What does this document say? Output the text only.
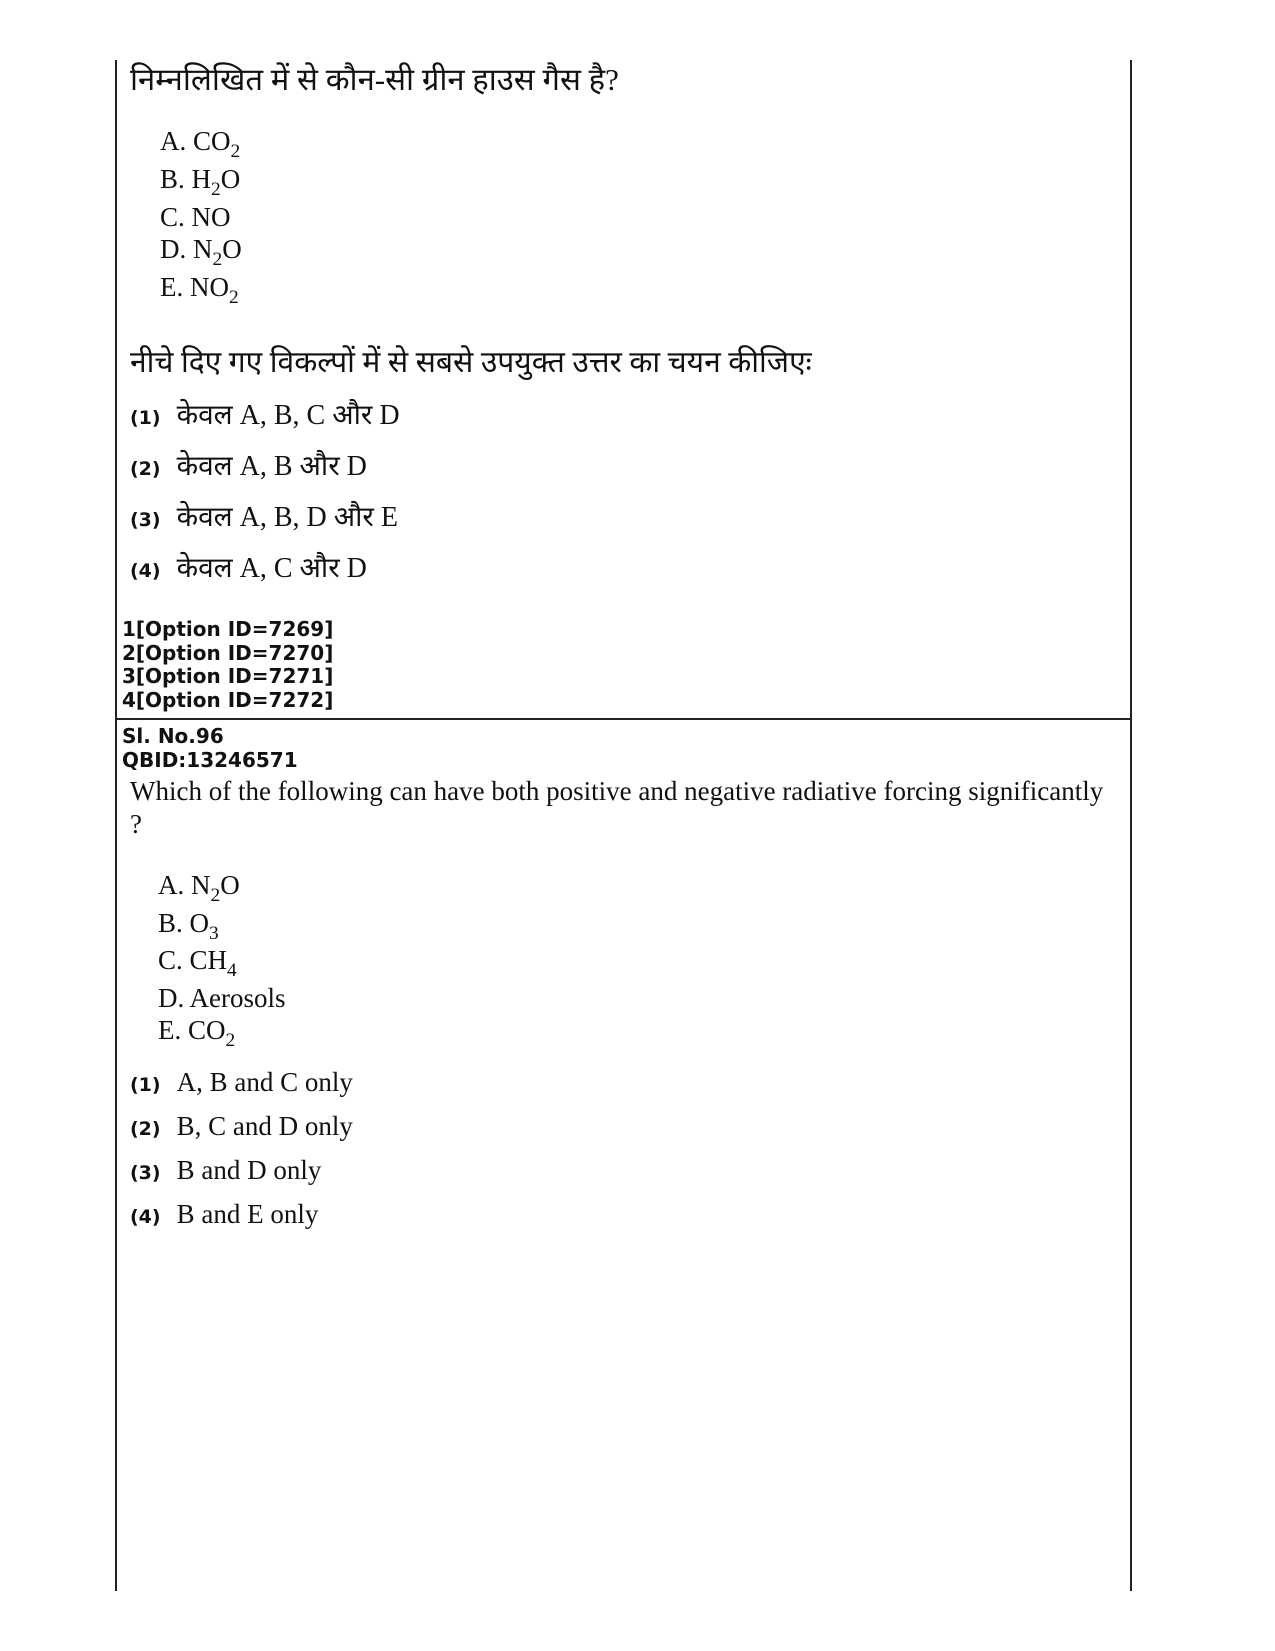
निम्नलिखित में से कौन-सी ग्रीन हाउस गैस है?
A. $CO_2$
B. $H_2O$
C. NO
D. $N_2O$
E. $NO_2$
नीचे दिए गए विकल्पों में से सबसे उपयुक्त उत्तर का चयन कीजिएः
(1) केवल A, B, C और D
(2) केवल A, B और D
(3) केवल A, B, D और E
(4) केवल A, C और D
1[Option ID=7269]
2[Option ID=7270]
3[Option ID=7271]
4[Option ID=7272]
Sl. No.96
QBID:13246571
Which of the following can have both positive and negative radiative forcing significantly ?
A. $N_2O$
B. $O_3$
C. $CH_4$
D. Aerosols
E. $CO_2$
(1) A, B and C only
(2) B, C and D only
(3) B and D only
(4) B and E only
